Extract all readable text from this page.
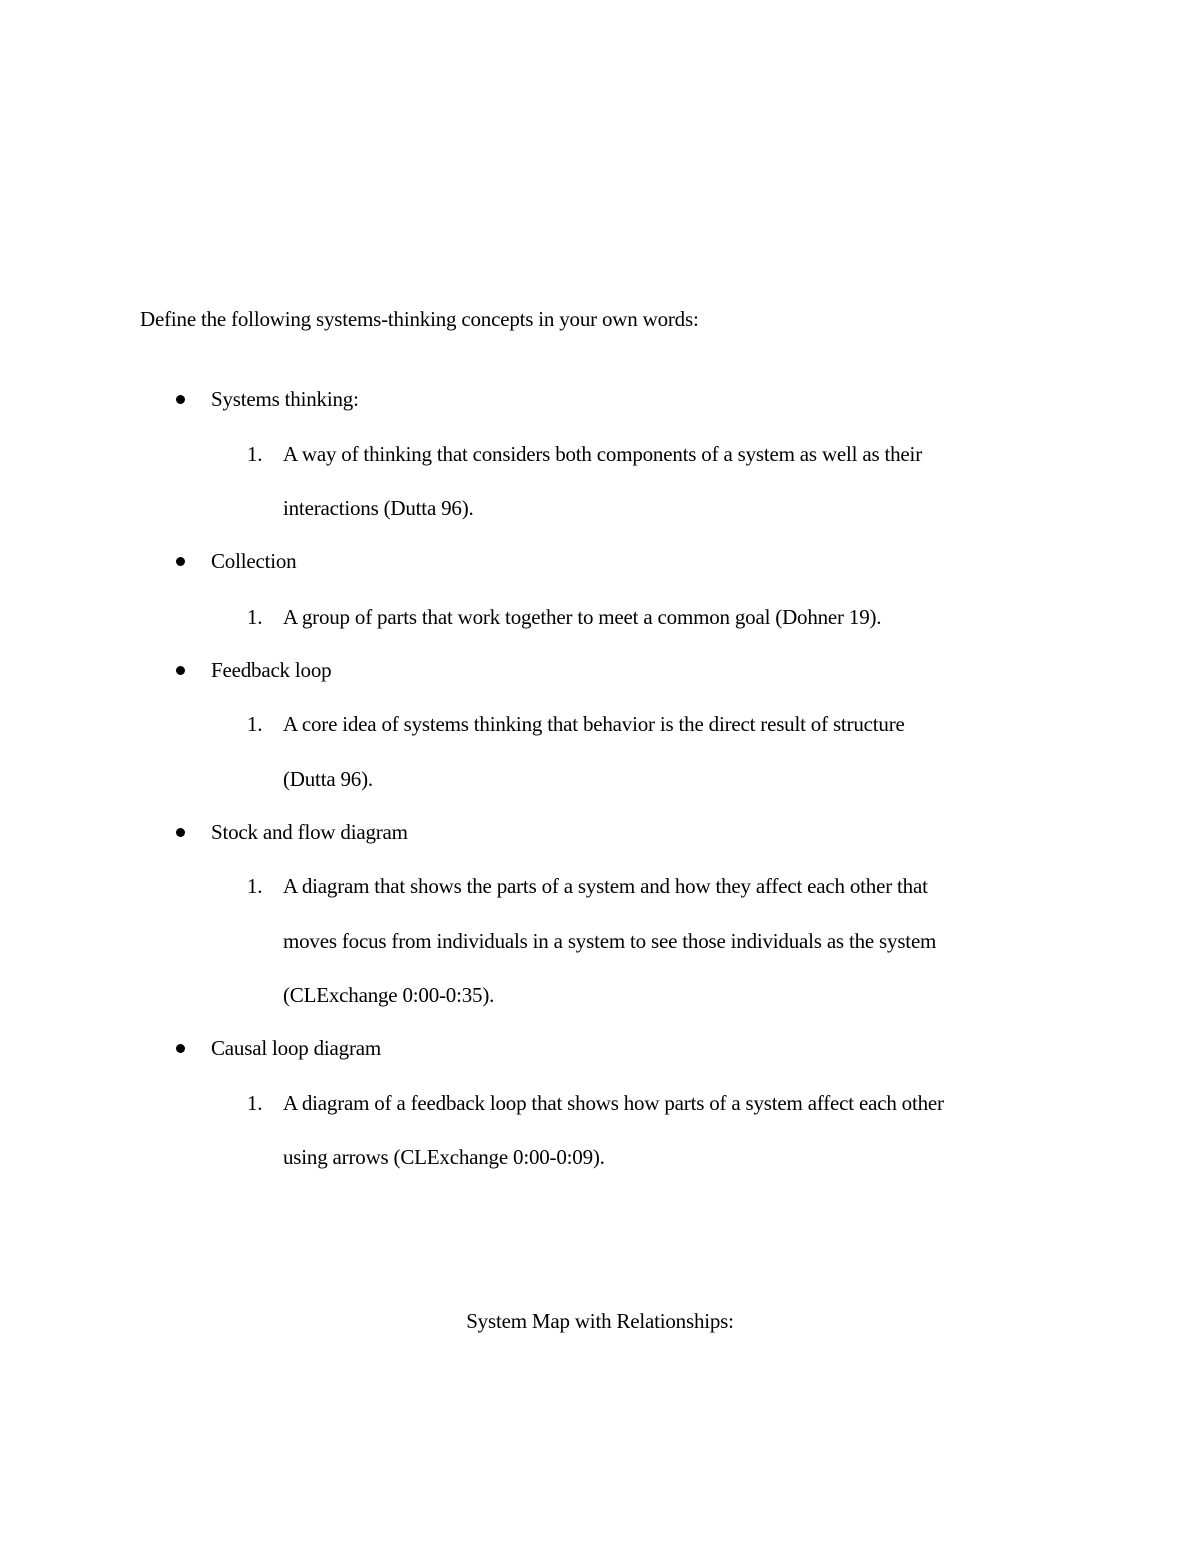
Define the following systems-thinking concepts in your own words:
Systems thinking:
1. A way of thinking that considers both components of a system as well as their
interactions (Dutta 96).
Collection
1. A group of parts that work together to meet a common goal (Dohner 19).
Feedback loop
1. A core idea of systems thinking that behavior is the direct result of structure
(Dutta 96).
Stock and flow diagram
1. A diagram that shows the parts of a system and how they affect each other that
moves focus from individuals in a system to see those individuals as the system
(CLExchange 0:00-0:35).
Causal loop diagram
1. A diagram of a feedback loop that shows how parts of a system affect each other
using arrows (CLExchange 0:00-0:09).
System Map with Relationships:
